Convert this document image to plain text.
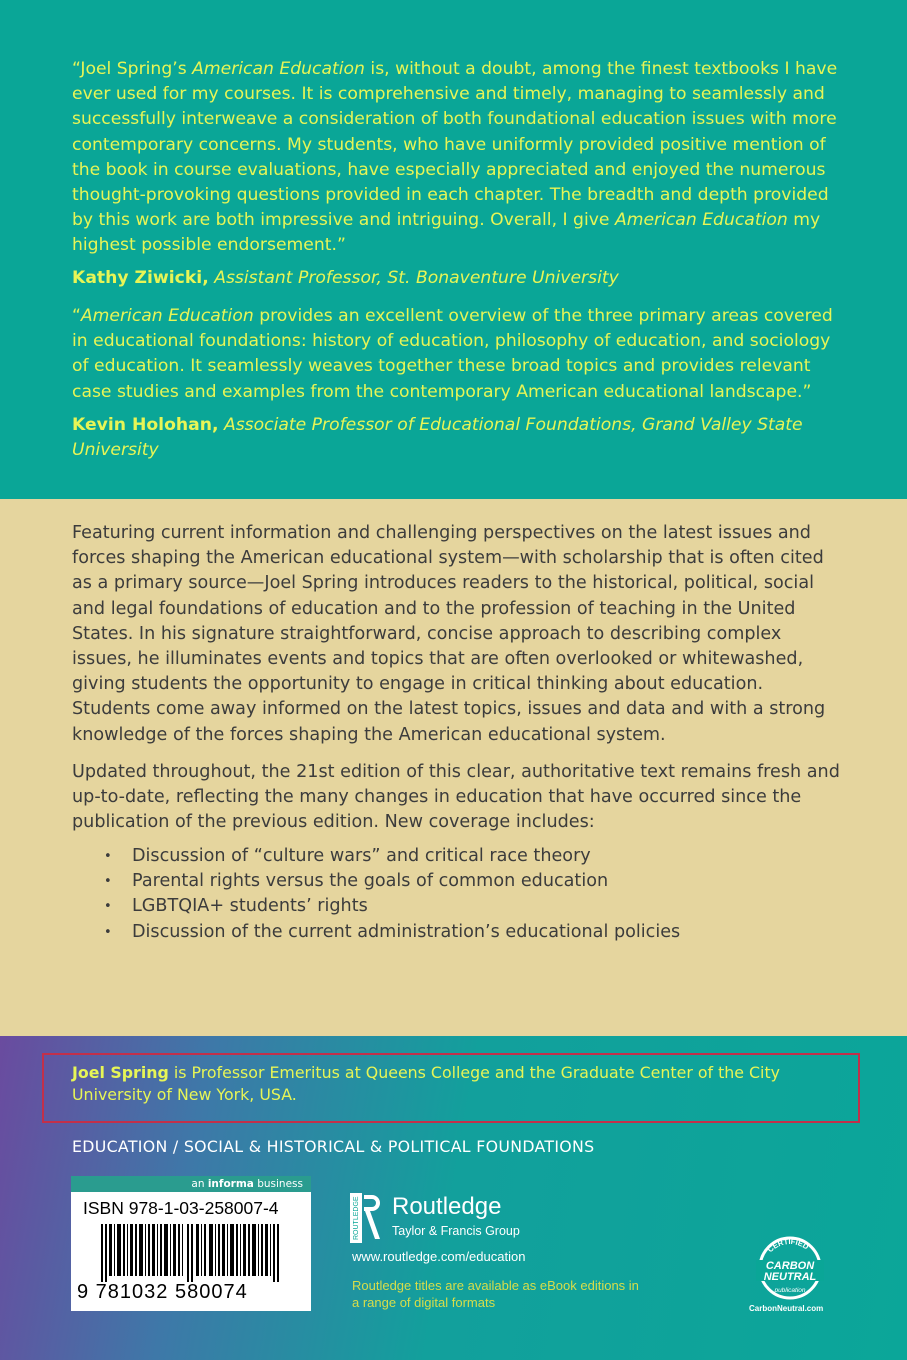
“Joel Spring’s American Education is, without a doubt, among the finest textbooks I have ever used for my courses. It is comprehensive and timely, managing to seamlessly and successfully interweave a consideration of both foundational education issues with more contemporary concerns. My students, who have uniformly provided positive mention of the book in course evaluations, have especially appreciated and enjoyed the numerous thought-provoking questions provided in each chapter. The breadth and depth provided by this work are both impressive and intriguing. Overall, I give American Education my highest possible endorsement.”

Kathy Ziwicki, Assistant Professor, St. Bonaventure University

“American Education provides an excellent overview of the three primary areas covered in educational foundations: history of education, philosophy of education, and sociology of education. It seamlessly weaves together these broad topics and provides relevant case studies and examples from the contemporary American educational landscape.”

Kevin Holohan, Associate Professor of Educational Foundations, Grand Valley State University

Featuring current information and challenging perspectives on the latest issues and forces shaping the American educational system—with scholarship that is often cited as a primary source—Joel Spring introduces readers to the historical, political, social and legal foundations of education and to the profession of teaching in the United States. In his signature straightforward, concise approach to describing complex issues, he illuminates events and topics that are often overlooked or whitewashed, giving students the opportunity to engage in critical thinking about education. Students come away informed on the latest topics, issues and data and with a strong knowledge of the forces shaping the American educational system.

Updated throughout, the 21st edition of this clear, authoritative text remains fresh and up-to-date, reflecting the many changes in education that have occurred since the publication of the previous edition. New coverage includes:

• Discussion of “culture wars” and critical race theory
• Parental rights versus the goals of common education
• LGBTQIA+ students’ rights
• Discussion of the current administration’s educational policies

Joel Spring is Professor Emeritus at Queens College and the Graduate Center of the City University of New York, USA.

EDUCATION / SOCIAL & HISTORICAL & POLITICAL FOUNDATIONS
an informa business
ISBN 978-1-03-258007-4
9 781032 580074
ROUTLEDGE Routledge
Taylor & Francis Group
www.routledge.com/education
Routledge titles are available as eBook editions in a range of digital formats
CERTIFIED
CARBON
NEUTRAL
publication
CarbonNeutral.com
